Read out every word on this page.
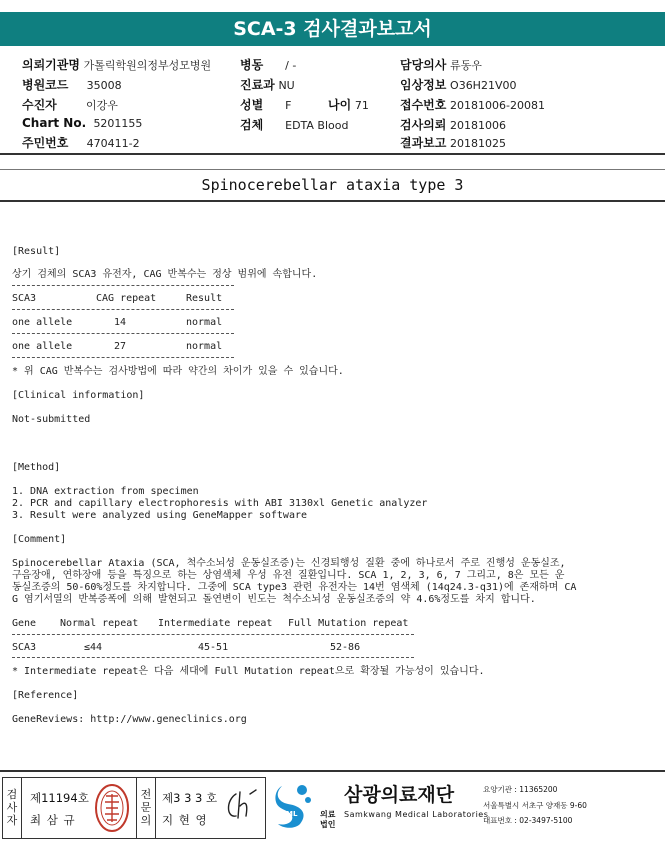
SCA-3 검사결과보고서
의뢰기관명 가톨릭학원의정부성모병원 병동 / -	담당의사 류동우
병원코드 35008	진료과 NU	임상정보 O36H21V00
수진자	이강우	성별 F	나이 71	접수번호 20181006-20081
Chart No. 5201155	검체 EDTA Blood	검사의뢰 20181006
주민번호 470411-2	결과보고 20181025
Spinocerebellar ataxia type 3
[Result]
상기 검체의 SCA3 유전자, CAG 반복수는 정상 범위에 속합니다.
SCA3	CAG repeat	Result
one allele	14	normal
one allele	27	normal
* 위 CAG 반복수는 검사방법에 따라 약간의 차이가 있을 수 있습니다.
[Clinical information]
Not-submitted
[Method]
1. DNA extraction from specimen
2. PCR and capillary electrophoresis with ABI 3130xl Genetic analyzer
3. Result were analyzed using GeneMapper software
[Comment]
Spinocerebellar Ataxia (SCA, 척수소뇌성 운동실조증)는 신경퇴행성 질환 중에 하나로서 주로 진행성 운동실조,
구음장애, 연하장애 등을 특징으로 하는 상염색체 우성 유전 질환입니다. SCA 1, 2, 3, 6, 7 그리고, 8은 모든 운
동실조증의 50-60%정도를 차지합니다. 그중에 SCA type3 관련 유전자는 14번 염색체 (14q24.3-q31)에 존재하며 CA
G 염기서열의 반복증폭에 의해 발현되고 돌연변이 빈도는 척수소뇌성 운동실조증의 약 4.6%정도를 차지 합니다.
Gene Normal repeat Intermediate repeat Full Mutation repeat
SCA3	≤44	45-51	52-86
* Intermediate repeat은 다음 세대에 Full Mutation repeat으로 확장될 가능성이 있습니다.
[Reference]
GeneReviews: http://www.geneclinics.org
검사자
제11194호
최 삼 규
전문의
제3 3 3 호
지 현 영	SML	의료법인
삼광의료재단
Samkwang Medical Laboratories
요양기관 : 11365200
서울특별시 서초구 양재동 9-60
대표번호 : 02-3497-5100
